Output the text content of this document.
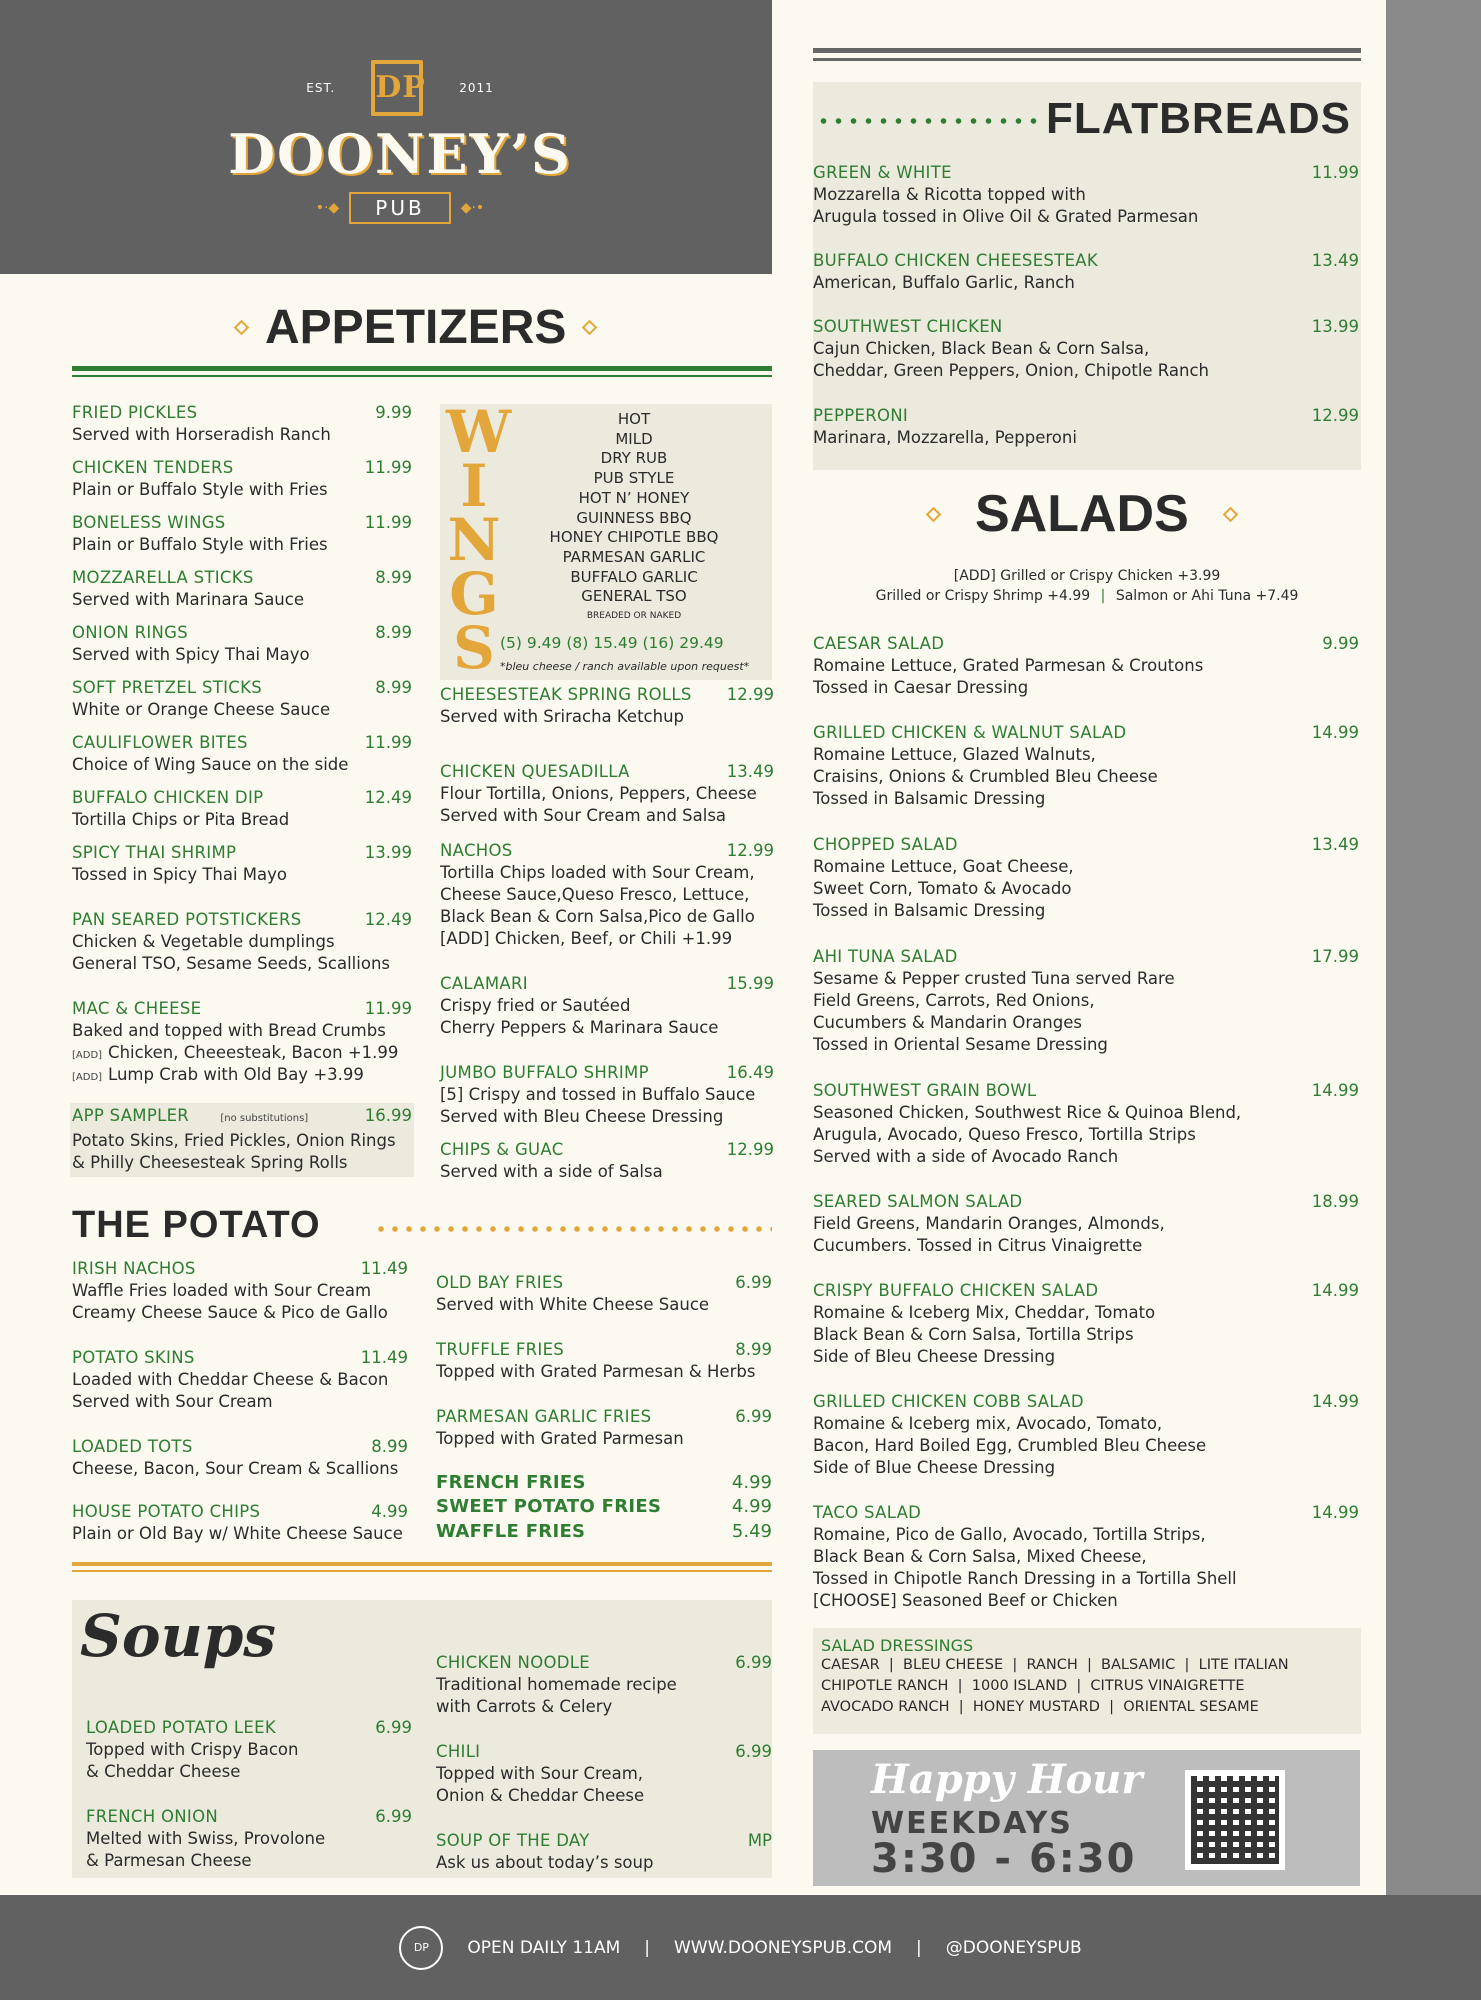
EST. DP	2011
DOONEY’S
•·◆	PUB	◆·•
APPETIZERS
APP SAMPLER	[no substitutions]	16.99
Potato Skins, Fried Pickles, Onion Rings
& Philly Cheesesteak Spring Rolls
HOT
MILD
DRY RUB
PUB STYLE
HOT N’ HONEY
GUINNESS BBQ
HONEY CHIPOTLE BBQ
PARMESAN GARLIC
BUFFALO GARLIC
GENERAL TSO
BREADED OR NAKED
(5) 9.49 (8) 15.49 (16) 29.49
*bleu cheese / ranch available upon request*
THE POTATO
Soups
FLATBREADS
SALADS
[ADD] Grilled or Crispy Chicken +3.99
Grilled or Crispy Shrimp +4.99 | Salmon or Ahi Tuna +7.49
SALAD DRESSINGS
CAESAR  |  BLEU CHEESE  |  RANCH  |  BALSAMIC  |  LITE ITALIAN
CHIPOTLE RANCH  |  1000 ISLAND  |  CITRUS VINAIGRETTE
AVOCADO RANCH  |  HONEY MUSTARD  |  ORIENTAL SESAME
Happy Hour
WEEKDAYS
3:30 - 6:30
DP	OPEN DAILY 11AM | WWW.DOONEYSPUB.COM | @DOONEYSPUB
FRIED PICKLES	9.99
Served with Horseradish Ranch
CHICKEN TENDERS	11.99
Plain or Buffalo Style with Fries
BONELESS WINGS	11.99
Plain or Buffalo Style with Fries
MOZZARELLA STICKS	8.99
Served with Marinara Sauce
ONION RINGS	8.99
Served with Spicy Thai Mayo
SOFT PRETZEL STICKS	8.99
White or Orange Cheese Sauce
CAULIFLOWER BITES	11.99
Choice of Wing Sauce on the side
BUFFALO CHICKEN DIP	12.49
Tortilla Chips or Pita Bread
SPICY THAI SHRIMP	13.99
Tossed in Spicy Thai Mayo
PAN SEARED POTSTICKERS	12.49
Chicken & Vegetable dumplings
General TSO, Sesame Seeds, Scallions
MAC & CHEESE	11.99
Baked and topped with Bread Crumbs
[ADD] Chicken, Cheeesteak, Bacon +1.99
[ADD] Lump Crab with Old Bay +3.99
W
I
N
G
S
CHEESESTEAK SPRING ROLLS 12.99
Served with Sriracha Ketchup
CHICKEN QUESADILLA	13.49
Flour Tortilla, Onions, Peppers, Cheese
Served with Sour Cream and Salsa
NACHOS	12.99
Tortilla Chips loaded with Sour Cream,
Cheese Sauce,Queso Fresco, Lettuce,
Black Bean & Corn Salsa,Pico de Gallo
[ADD] Chicken, Beef, or Chili +1.99
CALAMARI	15.99
Crispy fried or Sautéed
Cherry Peppers & Marinara Sauce
JUMBO BUFFALO SHRIMP	16.49
[5] Crispy and tossed in Buffalo Sauce
Served with Bleu Cheese Dressing
CHIPS & GUAC	12.99
Served with a side of Salsa
IRISH NACHOS	11.49
Waffle Fries loaded with Sour Cream
Creamy Cheese Sauce & Pico de Gallo
POTATO SKINS	11.49
Loaded with Cheddar Cheese & Bacon
Served with Sour Cream
LOADED TOTS	8.99
Cheese, Bacon, Sour Cream & Scallions
HOUSE POTATO CHIPS	4.99
Plain or Old Bay w/ White Cheese Sauce
OLD BAY FRIES	6.99
Served with White Cheese Sauce
TRUFFLE FRIES	8.99
Topped with Grated Parmesan & Herbs
PARMESAN GARLIC FRIES	6.99
Topped with Grated Parmesan
FRENCH FRIES	4.99
SWEET POTATO FRIES	4.99
WAFFLE FRIES	5.49
LOADED POTATO LEEK	6.99
Topped with Crispy Bacon
& Cheddar Cheese
FRENCH ONION	6.99
Melted with Swiss, Provolone
& Parmesan Cheese
CHICKEN NOODLE	6.99
Traditional homemade recipe
with Carrots & Celery
CHILI	6.99
Topped with Sour Cream,
Onion & Cheddar Cheese
SOUP OF THE DAY	MP
Ask us about today’s soup
GREEN & WHITE	11.99
Mozzarella & Ricotta topped with
Arugula tossed in Olive Oil & Grated Parmesan
BUFFALO CHICKEN CHEESESTEAK	13.49
American, Buffalo Garlic, Ranch
SOUTHWEST CHICKEN	13.99
Cajun Chicken, Black Bean & Corn Salsa,
Cheddar, Green Peppers, Onion, Chipotle Ranch
PEPPERONI	12.99
Marinara, Mozzarella, Pepperoni
CAESAR SALAD	9.99
Romaine Lettuce, Grated Parmesan & Croutons
Tossed in Caesar Dressing
GRILLED CHICKEN & WALNUT SALAD	14.99
Romaine Lettuce, Glazed Walnuts,
Craisins, Onions & Crumbled Bleu Cheese
Tossed in Balsamic Dressing
CHOPPED SALAD	13.49
Romaine Lettuce, Goat Cheese,
Sweet Corn, Tomato & Avocado
Tossed in Balsamic Dressing
AHI TUNA SALAD	17.99
Sesame & Pepper crusted Tuna served Rare
Field Greens, Carrots, Red Onions,
Cucumbers & Mandarin Oranges
Tossed in Oriental Sesame Dressing
SOUTHWEST GRAIN BOWL	14.99
Seasoned Chicken, Southwest Rice & Quinoa Blend,
Arugula, Avocado, Queso Fresco, Tortilla Strips
Served with a side of Avocado Ranch
SEARED SALMON SALAD	18.99
Field Greens, Mandarin Oranges, Almonds,
Cucumbers. Tossed in Citrus Vinaigrette
CRISPY BUFFALO CHICKEN SALAD	14.99
Romaine & Iceberg Mix, Cheddar, Tomato
Black Bean & Corn Salsa, Tortilla Strips
Side of Bleu Cheese Dressing
GRILLED CHICKEN COBB SALAD	14.99
Romaine & Iceberg mix, Avocado, Tomato,
Bacon, Hard Boiled Egg, Crumbled Bleu Cheese
Side of Blue Cheese Dressing
TACO SALAD	14.99
Romaine, Pico de Gallo, Avocado, Tortilla Strips,
Black Bean & Corn Salsa, Mixed Cheese,
Tossed in Chipotle Ranch Dressing in a Tortilla Shell
[CHOOSE] Seasoned Beef or Chicken
